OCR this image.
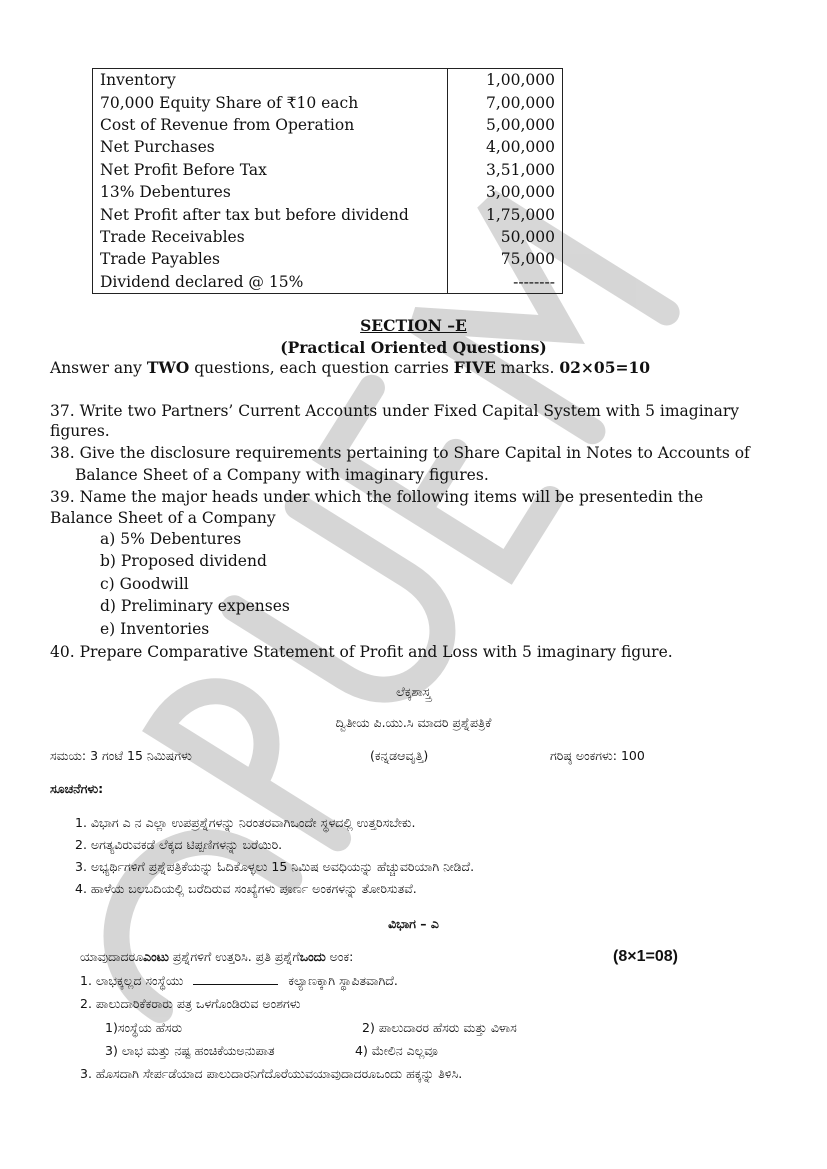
Inventory	1,00,000
70,000 Equity Share of ₹10 each	7,00,000
Cost of Revenue from Operation	5,00,000
Net Purchases	4,00,000
Net Profit Before Tax	3,51,000
13% Debentures	3,00,000
Net Profit after tax but before dividend	1,75,000
Trade Receivables	50,000
Trade Payables	75,000
Dividend declared @ 15%	--------
SECTION –E
(Practical Oriented Questions)
Answer any TWO questions, each question carries FIVE marks. 02×05=10
37. Write two Partners’ Current Accounts under Fixed Capital System with 5 imaginary
figures.
38. Give the disclosure requirements pertaining to Share Capital in Notes to Accounts of
Balance Sheet of a Company with imaginary figures.
39. Name the major heads under which the following items will be presentedin the
Balance Sheet of a Company
a) 5% Debentures
b) Proposed dividend
c) Goodwill
d) Preliminary expenses
e) Inventories
40. Prepare Comparative Statement of Profit and Loss with 5 imaginary figure.
ಲೆಕ್ಕಶಾಸ್ತ್ರ
ದ್ವಿತೀಯ ಪಿ.ಯು.ಸಿ ಮಾದರಿ ಪ್ರಶ್ನೆಪತ್ರಿಕೆ
ಸಮಯ: 3 ಗಂಟೆ 15 ನಿಮಿಷಗಳು	(ಕನ್ನಡಆವೃತ್ತಿ)	ಗರಿಷ್ಠ ಅಂಕಗಳು: 100
ಸೂಚನೆಗಳು:
1. ವಿಭಾಗ ಎ ನ ಎಲ್ಲಾ ಉಪಪ್ರಶ್ನೆಗಳನ್ನು ನಿರಂತರವಾಗಿಒಂದೇ ಸ್ಥಳದಲ್ಲಿ ಉತ್ತರಿಸಬೇಕು.
2. ಅಗತ್ಯವಿರುವಕಡೆ ಲೆಕ್ಕದ ಟಿಪ್ಪಣಿಗಳನ್ನು ಬರೆಯಿರಿ.
3. ಅಭ್ಯರ್ಥಿಗಳಿಗೆ ಪ್ರಶ್ನೆಪತ್ರಿಕೆಯನ್ನು ಓದಿಕೊಳ್ಳಲು 15 ನಿಮಿಷ ಅವಧಿಯನ್ನು ಹೆಚ್ಚುವರಿಯಾಗಿ ನೀಡಿದೆ.
4. ಹಾಳೆಯ ಬಲಬದಿಯಲ್ಲಿ ಬರೆದಿರುವ ಸಂಖ್ಯೆಗಳು ಪೂರ್ಣ ಅಂಕಗಳನ್ನು ತೋರಿಸುತವೆ.
ವಿಭಾಗ – ಎ
ಯಾವುದಾದರೂಎಂಟು ಪ್ರಶ್ನೆಗಳಿಗೆ ಉತ್ತರಿಸಿ. ಪ್ರತಿ ಪ್ರಶ್ನೆಗೆಒಂದು ಅಂಕ:	(8×1=08)
1. ಲಾಭಕ್ಕಲ್ಲದ ಸಂಸ್ಥೆಯು	ಕಲ್ಯಾಣಕ್ಕಾಗಿ ಸ್ಥಾಪಿತವಾಗಿದೆ.
2. ಪಾಲುದಾರಿಕೆಕರಾರು ಪತ್ರ ಒಳಗೊಂಡಿರುವ ಅಂಶಗಳು
1)ಸಂಸ್ಥೆಯ ಹೆಸರು	2) ಪಾಲುದಾರರ ಹೆಸರು ಮತ್ತು ವಿಳಾಸ
3) ಲಾಭ ಮತ್ತು ನಷ್ಟ ಹಂಚಿಕೆಯಅನುಪಾತ	4) ಮೇಲಿನ ಎಲ್ಲವೂ
3. ಹೊಸದಾಗಿ ಸೇರ್ಪಡೆಯಾದ ಪಾಲುದಾರನಿಗೆದೊರೆಯುವಯಾವುದಾದರೂಒಂದು ಹಕ್ಕನ್ನು ತಿಳಿಸಿ.
